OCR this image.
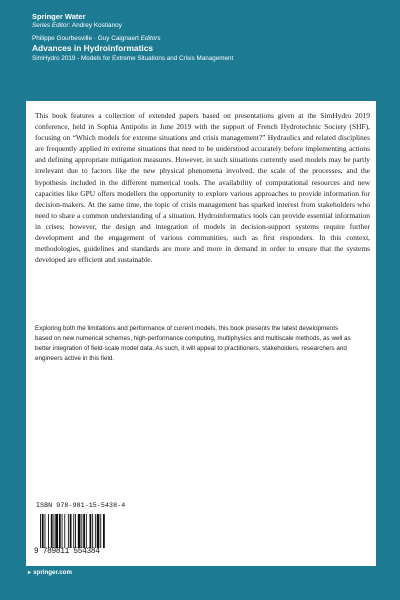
Springer Water
Series Editor: Andrey Kostianoy
Philippe Gourbesville · Guy Caignaert Editors
Advances in Hydroinformatics
SimHydro 2019 - Models for Extreme Situations and Crisis Management

This book features a collection of extended papers based on presentations given at the SimHydro 2019 conference, held in Sophia Antipolis in June 2019 with the support of French Hydrotechnic Society (SHF), focusing on “Which models for extreme situations and crisis management?” Hydraulics and related disciplines are frequently applied in extreme situations that need to be understood accurately before implementing actions and defining appropriate mitigation measures. However, in such situations currently used models may be partly irrelevant due to factors like the new physical phenomena involved, the scale of the processes, and the hypothesis included in the different numerical tools. The availability of computational resources and new capacities like GPU offers modellers the opportunity to explore various approaches to provide information for decision-makers. At the same time, the topic of crisis management has sparked interest from stakeholders who need to share a common understanding of a situation. Hydroinformatics tools can provide essential information in crises; however, the design and integration of models in decision-support systems require further development and the engagement of various communities, such as first responders. In this context, methodologies, guidelines and standards are more and more in demand in order to ensure that the systems developed are efficient and sustainable.

Exploring both the limitations and performance of current models, this book presents the latest developments based on new numerical schemes, high-performance computing, multiphysics and multiscale methods, as well as better integration of field-scale model data. As such, it will appeal to practitioners, stakeholders, researchers and engineers active in this field.

ISBN 978-981-15-5438-4
9 789811 554384
▸ springer.com
